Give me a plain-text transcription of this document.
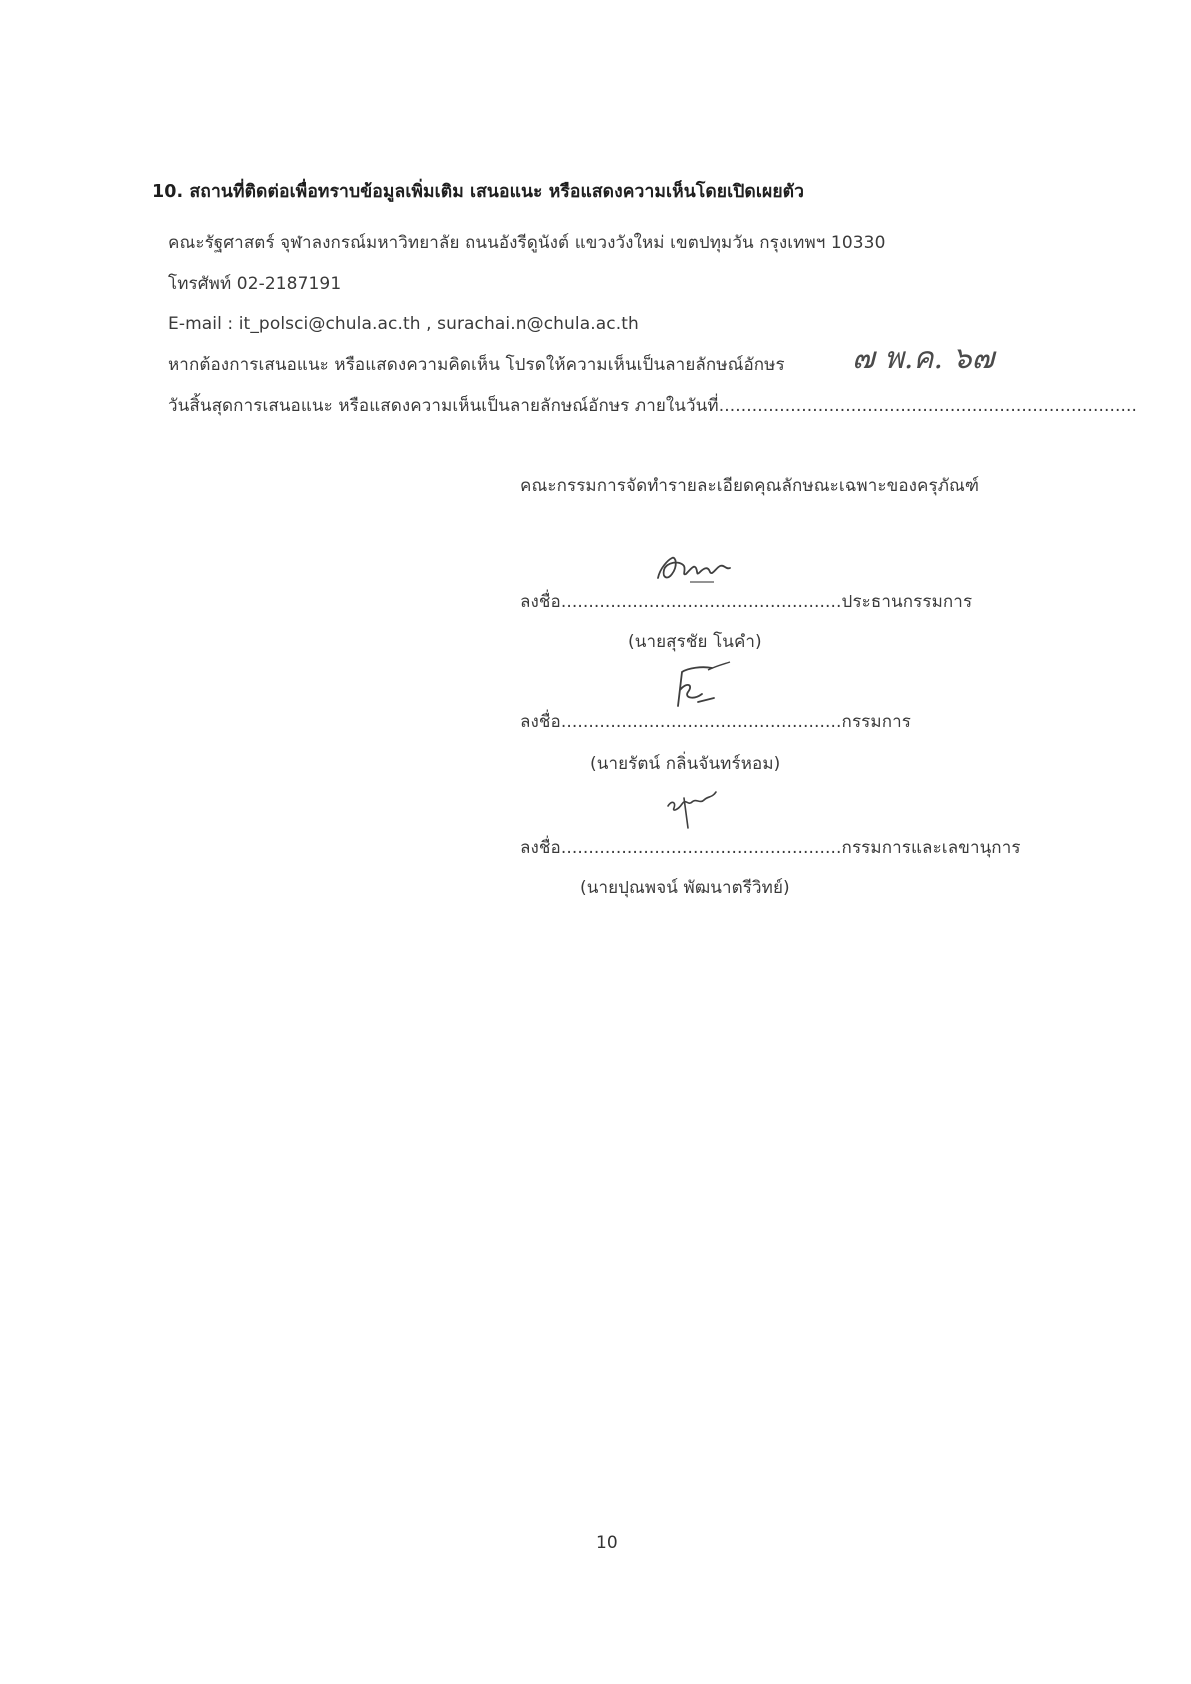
10. สถานที่ติดต่อเพื่อทราบข้อมูลเพิ่มเติม เสนอแนะ หรือแสดงความเห็นโดยเปิดเผยตัว
คณะรัฐศาสตร์ จุฬาลงกรณ์มหาวิทยาลัย ถนนอังรีดูนังต์ แขวงวังใหม่ เขตปทุมวัน กรุงเทพฯ 10330
โทรศัพท์ 02-2187191
E-mail : it_polsci@chula.ac.th , surachai.n@chula.ac.th
หากต้องการเสนอแนะ หรือแสดงความคิดเห็น โปรดให้ความเห็นเป็นลายลักษณ์อักษร ๗ พ.ค. ๖๗
วันสิ้นสุดการเสนอแนะ หรือแสดงความเห็นเป็นลายลักษณ์อักษร ภายในวันที่............................................................................
คณะกรรมการจัดทำรายละเอียดคุณลักษณะเฉพาะของครุภัณฑ์
ลงชื่อ...................................................ประธานกรรมการ
(นายสุรชัย โนคำ)
ลงชื่อ...................................................กรรมการ
(นายรัตน์ กลิ่นจันทร์หอม)
ลงชื่อ...................................................กรรมการและเลขานุการ
(นายปุณพจน์ พัฒนาตรีวิทย์)
10
